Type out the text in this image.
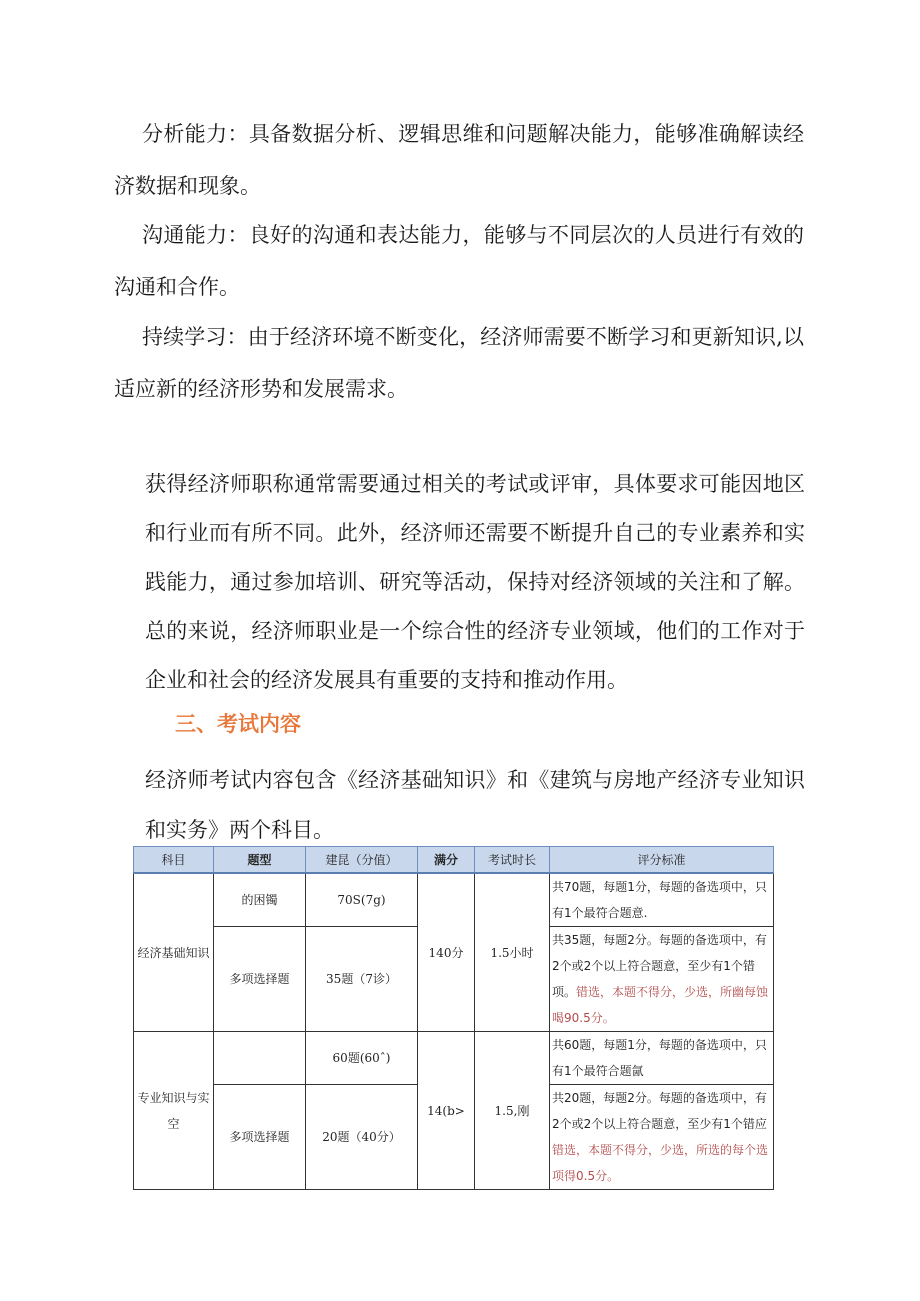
分析能力：具备数据分析、逻辑思维和问题解决能力，能够准确解读经济数据和现象。

沟通能力：良好的沟通和表达能力，能够与不同层次的人员进行有效的沟通和合作。

持续学习：由于经济环境不断变化，经济师需要不断学习和更新知识,以适应新的经济形势和发展需求。

获得经济师职称通常需要通过相关的考试或评审，具体要求可能因地区和行业而有所不同。此外，经济师还需要不断提升自己的专业素养和实践能力，通过参加培训、研究等活动，保持对经济领域的关注和了解。总的来说，经济师职业是一个综合性的经济专业领域，他们的工作对于企业和社会的经济发展具有重要的支持和推动作用。

三、考试内容

经济师考试内容包含《经济基础知识》和《建筑与房地产经济专业知识和实务》两个科目。

科目	题型	建昆（分值）	满分	考试时长	评分标准
经济基础知识	的困镯	70S(7g)	140分	1.5小时	共70题，每题1分，每题的备选项中，只有1个最符合题意.
	多项选择题	35题（7诊）			共35题，每题2分。每题的备选项中，有2个或2个以上符合题意，至少有1个错项。错选，本题不得分，少选，所幽每蚀喝90.5分。
专业知识与实空		60题(60ˆ)	14(b>	1.5,刚	共60题，每题1分，每题的备选项中，只有1个最符合题氤
	多项选择题	20题（40分）			共20题，每题2分。每题的备选项中，有2个或2个以上符合题意，至少有1个错应错选，本题不得分，少选，所选的每个选项得0.5分。
